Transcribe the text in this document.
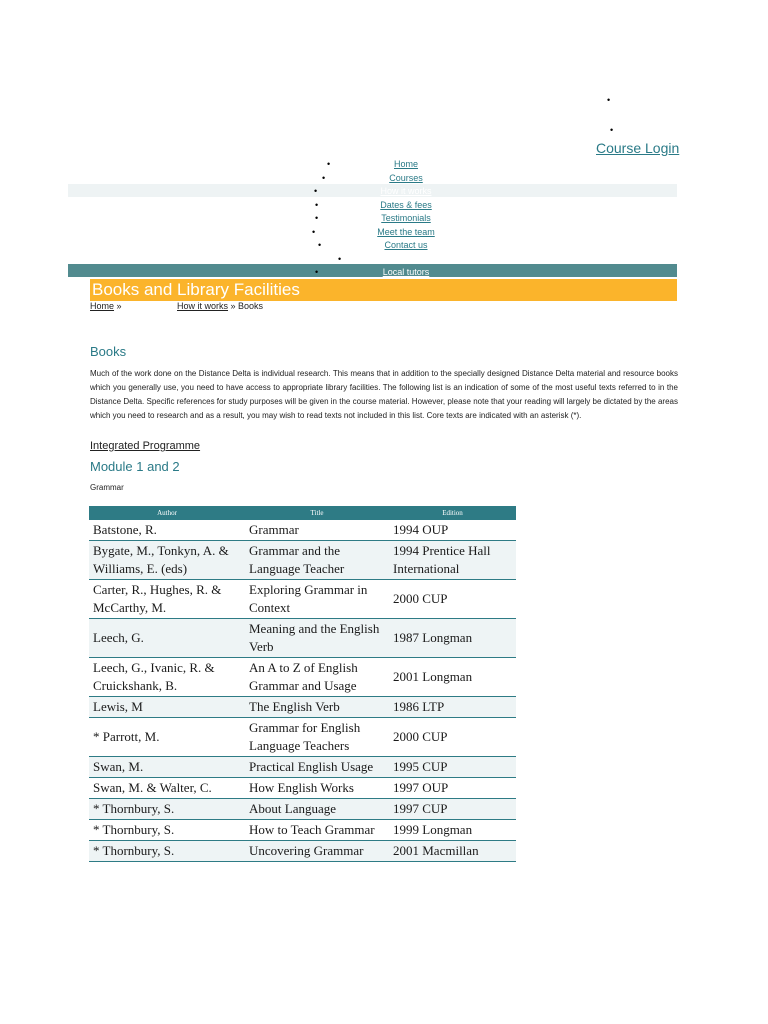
•
•
Course Login
•	Home
•	Courses
•	How it works
•	Dates & fees
•	Testimonials
•	Meet the team
•	Contact us
•
•	Local tutors
Books and Library Facilities
Home »	How it works » Books
Books
Much of the work done on the Distance Delta is individual research. This means that in addition to the specially designed Distance Delta material and resource books which you generally use, you need to have access to appropriate library facilities. The following list is an indication of some of the most useful texts referred to in the Distance Delta. Specific references for study purposes will be given in the course material. However, please note that your reading will largely be dictated by the areas which you need to research and as a result, you may wish to read texts not included in this list. Core texts are indicated with an asterisk (*).
Integrated Programme
Module 1 and 2
Grammar
Author	Title	Edition
Batstone, R.	Grammar	1994 OUP
Bygate, M., Tonkyn, A. & Williams, E. (eds)	Grammar and the Language Teacher	1994 Prentice Hall International
Carter, R., Hughes, R. & McCarthy, M.	Exploring Grammar in Context	2000 CUP
Leech, G.	Meaning and the English Verb	1987 Longman
Leech, G., Ivanic, R. & Cruickshank, B.	An A to Z of English Grammar and Usage	2001 Longman
Lewis, M	The English Verb	1986 LTP
* Parrott, M.	Grammar for English Language Teachers	2000 CUP
Swan, M.	Practical English Usage	1995 CUP
Swan, M. & Walter, C.	How English Works	1997 OUP
* Thornbury, S.	About Language	1997 CUP
* Thornbury, S.	How to Teach Grammar	1999 Longman
* Thornbury, S.	Uncovering Grammar	2001 Macmillan
